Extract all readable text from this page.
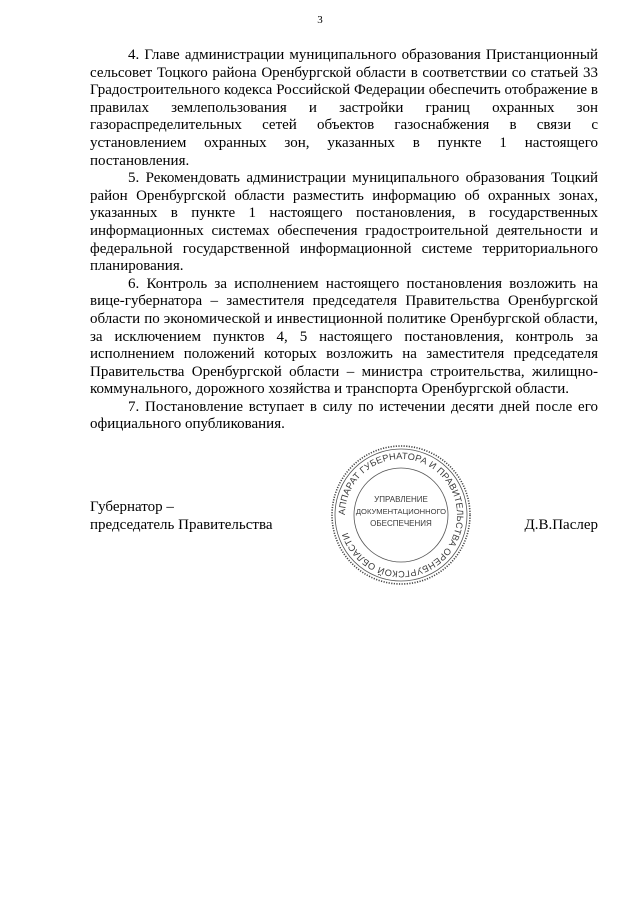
3

4. Главе администрации муниципального образования Пристанционный сельсовет Тоцкого района Оренбургской области в соответствии со статьей 33 Градостроительного кодекса Российской Федерации обеспечить отображение в правилах землепользования и застройки границ охранных зон газораспределительных сетей объектов газоснабжения в связи с установлением охранных зон, указанных в пункте 1 настоящего постановления.

5. Рекомендовать администрации муниципального образования Тоцкий район Оренбургской области разместить информацию об охранных зонах, указанных в пункте 1 настоящего постановления, в государственных информационных системах обеспечения градостроительной деятельности и федеральной государственной информационной системе территориального планирования.

6. Контроль за исполнением настоящего постановления возложить на вице-губернатора – заместителя председателя Правительства Оренбургской области по экономической и инвестиционной политике Оренбургской области, за исключением пунктов 4, 5 настоящего постановления, контроль за исполнением положений которых возложить на заместителя председателя Правительства Оренбургской области – министра строительства, жилищно-коммунального, дорожного хозяйства и транспорта Оренбургской области.

7. Постановление вступает в силу по истечении десяти дней после его официального опубликования.

Губернатор –
председатель Правительства	Д.В.Паслер
АППАРАТ ГУБЕРНАТОРА И ПРАВИТЕЛЬСТВА ОРЕНБУРГСКОЙ ОБЛАСТИ
УПРАВЛЕНИЕ
ДОКУМЕНТАЦИОННОГО
ОБЕСПЕЧЕНИЯ
